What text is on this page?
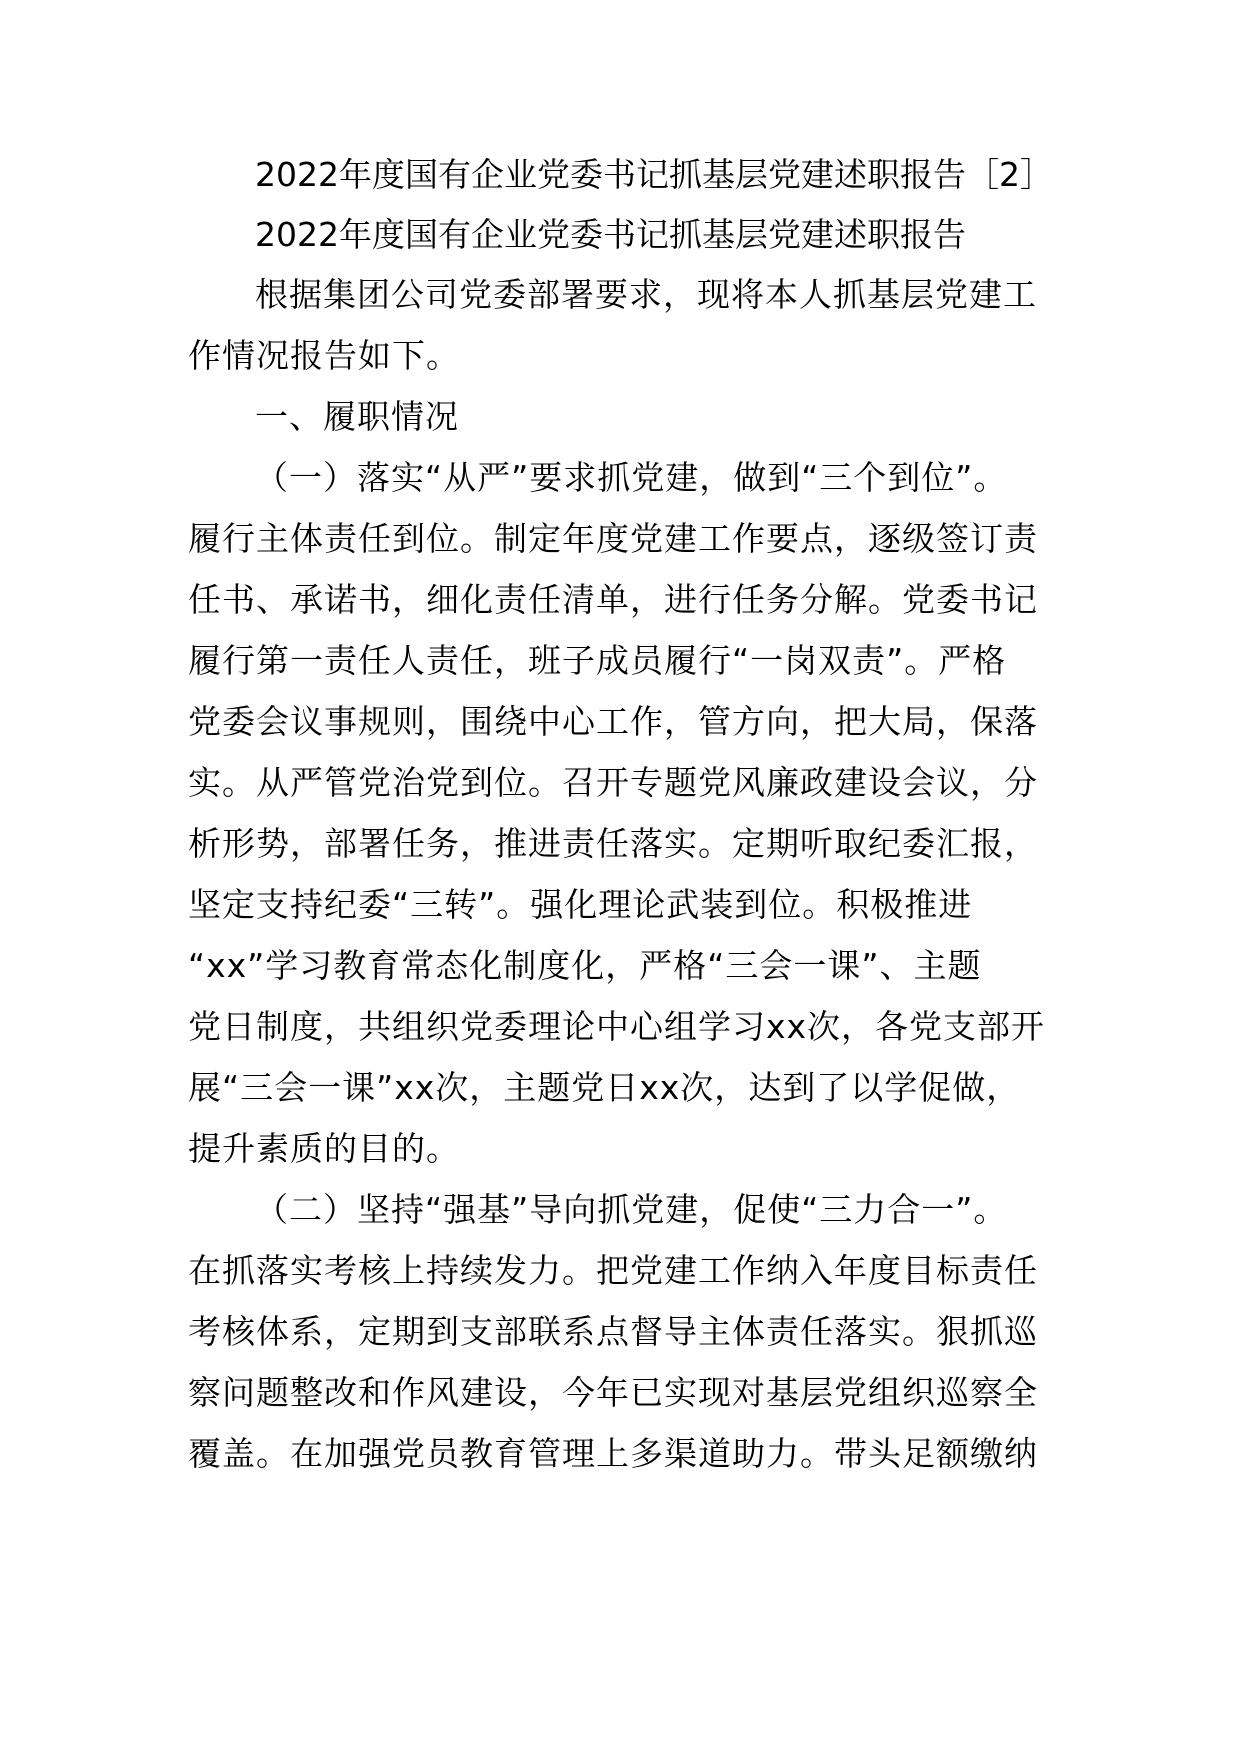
2022年度国有企业党委书记抓基层党建述职报告［2］
2022年度国有企业党委书记抓基层党建述职报告
根据集团公司党委部署要求，现将本人抓基层党建工
作情况报告如下。
一、履职情况
（一）落实“从严”要求抓党建，做到“三个到位”。
履行主体责任到位。制定年度党建工作要点，逐级签订责
任书、承诺书，细化责任清单，进行任务分解。党委书记
履行第一责任人责任，班子成员履行“一岗双责”。严格
党委会议事规则，围绕中心工作，管方向，把大局，保落
实。从严管党治党到位。召开专题党风廉政建设会议，分
析形势，部署任务，推进责任落实。定期听取纪委汇报，
坚定支持纪委“三转”。强化理论武装到位。积极推进
“xx”学习教育常态化制度化，严格“三会一课”、主题
党日制度，共组织党委理论中心组学习xx次，各党支部开
展“三会一课”xx次，主题党日xx次，达到了以学促做，
提升素质的目的。
（二）坚持“强基”导向抓党建，促使“三力合一”。
在抓落实考核上持续发力。把党建工作纳入年度目标责任
考核体系，定期到支部联系点督导主体责任落实。狠抓巡
察问题整改和作风建设，今年已实现对基层党组织巡察全
覆盖。在加强党员教育管理上多渠道助力。带头足额缴纳
